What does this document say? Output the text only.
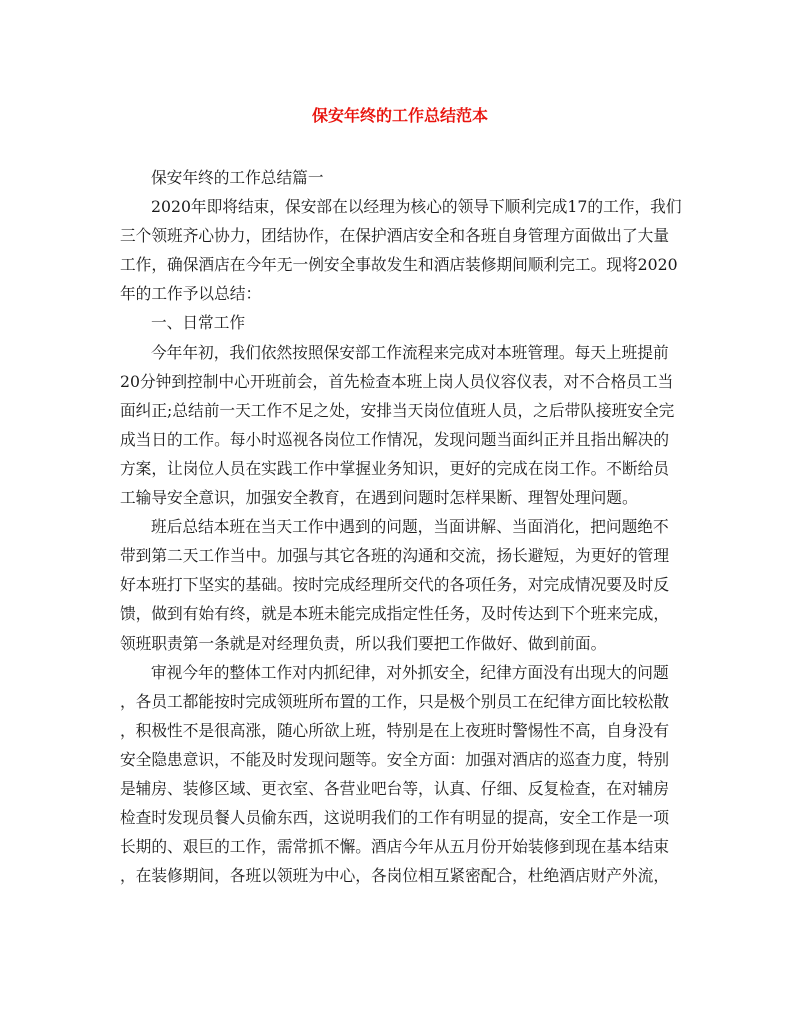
保安年终的工作总结范本
保安年终的工作总结篇一
2020年即将结束，保安部在以经理为核心的领导下顺利完成17的工作，我们
三个领班齐心协力，团结协作，在保护酒店安全和各班自身管理方面做出了大量
工作，确保酒店在今年无一例安全事故发生和酒店装修期间顺利完工。现将2020
年的工作予以总结：
一、日常工作
今年年初，我们依然按照保安部工作流程来完成对本班管理。每天上班提前
20分钟到控制中心开班前会，首先检查本班上岗人员仪容仪表，对不合格员工当
面纠正;总结前一天工作不足之处，安排当天岗位值班人员，之后带队接班安全完
成当日的工作。每小时巡视各岗位工作情况，发现问题当面纠正并且指出解决的
方案，让岗位人员在实践工作中掌握业务知识，更好的完成在岗工作。不断给员
工输导安全意识，加强安全教育，在遇到问题时怎样果断、理智处理问题。
班后总结本班在当天工作中遇到的问题，当面讲解、当面消化，把问题绝不
带到第二天工作当中。加强与其它各班的沟通和交流，扬长避短，为更好的管理
好本班打下坚实的基础。按时完成经理所交代的各项任务，对完成情况要及时反
馈，做到有始有终，就是本班未能完成指定性任务，及时传达到下个班来完成，
领班职责第一条就是对经理负责，所以我们要把工作做好、做到前面。
审视今年的整体工作对内抓纪律，对外抓安全，纪律方面没有出现大的问题
，各员工都能按时完成领班所布置的工作，只是极个别员工在纪律方面比较松散
，积极性不是很高涨，随心所欲上班，特别是在上夜班时警惕性不高，自身没有
安全隐患意识，不能及时发现问题等。安全方面：加强对酒店的巡查力度，特别
是辅房、装修区域、更衣室、各营业吧台等，认真、仔细、反复检查，在对辅房
检查时发现员餐人员偷东西，这说明我们的工作有明显的提高，安全工作是一项
长期的、艰巨的工作，需常抓不懈。酒店今年从五月份开始装修到现在基本结束
，在装修期间，各班以领班为中心，各岗位相互紧密配合，杜绝酒店财产外流，
